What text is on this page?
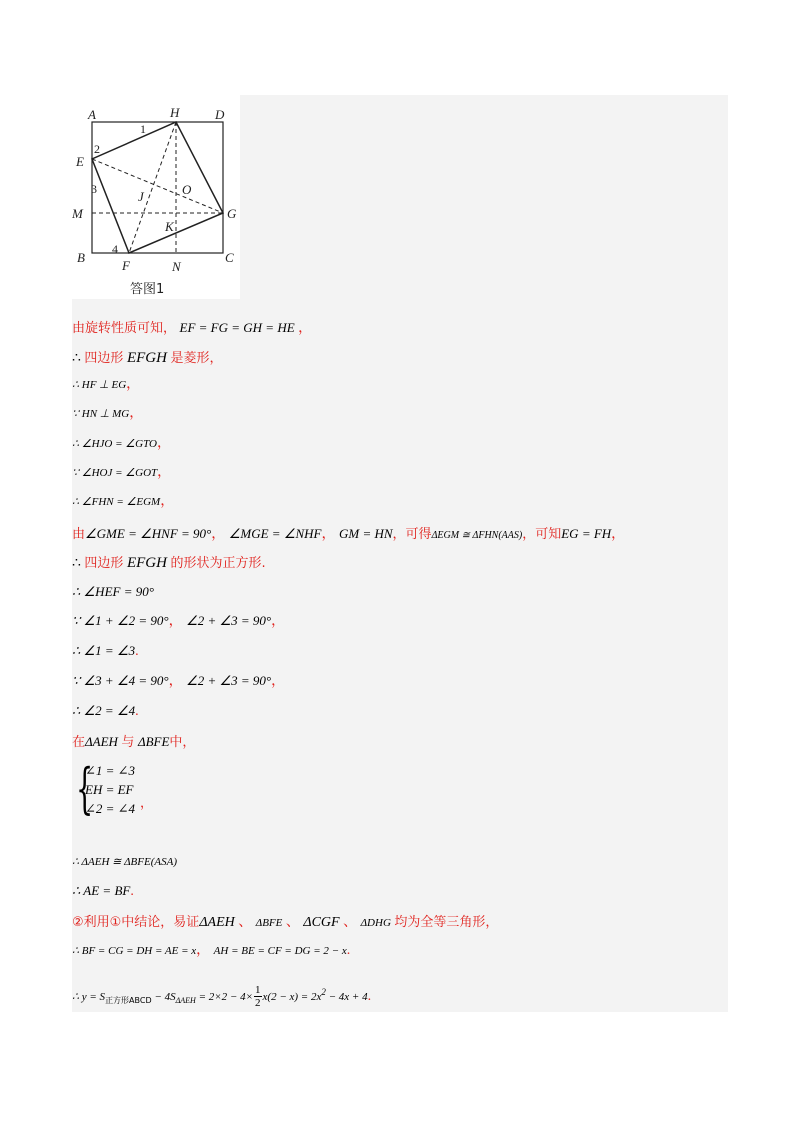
A	H	D
E
M
B
F	N
C
G
J	O
K
1
2
3
4
答图1
由旋转性质可知， EF = FG = GH = HE ，
∴ 四边形 EFGH 是菱形，
∴ HF ⊥ EG，
∵ HN ⊥ MG，
∴ ∠HJO = ∠GTO，
∵ ∠HOJ = ∠GOT，
∴ ∠FHN = ∠EGM，
由∠GME = ∠HNF = 90°， ∠MGE = ∠NHF， GM = HN，可得ΔEGM ≅ ΔFHN(AAS)，可知EG = FH，
∴ 四边形 EFGH 的形状为正方形.
∴ ∠HEF = 90°
∵ ∠1 + ∠2 = 90°， ∠2 + ∠3 = 90°，
∴ ∠1 = ∠3.
∵ ∠3 + ∠4 = 90°， ∠2 + ∠3 = 90°，
∴ ∠2 = ∠4.
在ΔAEH 与 ΔBFE中，
{
∠1 = ∠3
EH = EF
∠2 = ∠4 ，
∴ ΔAEH ≅ ΔBFE(ASA)
∴ AE = BF.
②利用①中结论，易证ΔAEH 、 ΔBFE 、 ΔCGF 、 ΔDHG 均为全等三角形，
∴ BF = CG = DH = AE = x， AH = BE = CF = DG = 2 − x.
∴ $y = S_{正方形ABCD} - 4S_{\Delta AEH} = 2\times 2 - 4\times \frac{1}{2} x(2 - x) = 2x^2 - 4x + 4$.
